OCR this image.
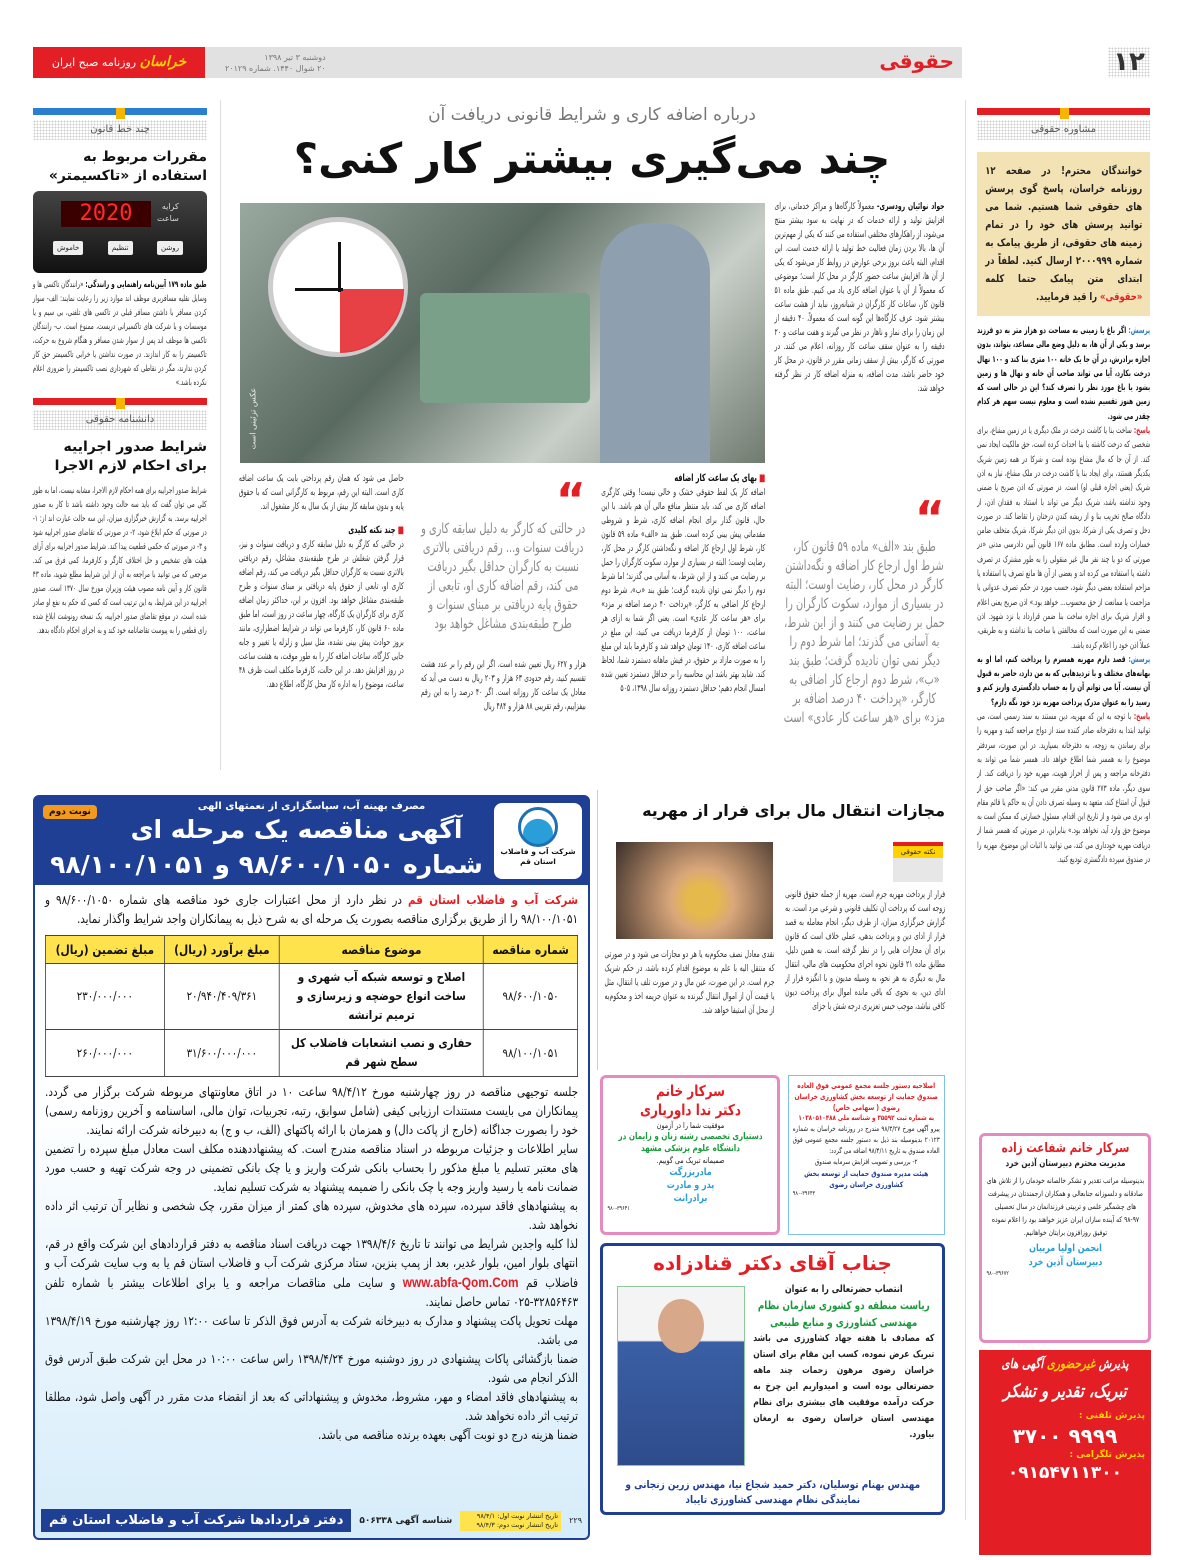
۱۲
حقوقی
دوشنبه ۳ تیر ۱۳۹۸
۲۰ شوال ۱۴۴۰. شماره ۲۰۱۲۹
خراسان روزنامه صبح ایران
چند خط قانون
مقررات مربوط به استفاده از «تاکسیمتر»
2020	کرایه
ساعت
روشن
تنظیم
خاموش
طبق ماده ۱۷۹ آیین‌نامه راهنمایی و رانندگی: «رانندگان تاکسی ها و وسایل نقلیه مسافربری موظف اند موارد زیر را رعایت نمایند: الف- سوار کردن مسافر با داشتن مسافر قبلی در تاکسی های تلفنی، بی سیم و یا موسسات و یا شرکت های تاکسیرانی دربست، ممنوع است. ب- رانندگان تاکسی ها موظف اند پس از سوار شدن مسافر و هنگام شروع به حرکت، تاکسیمتر را به کار اندازند. در صورت نداشتن یا خرابی تاکسیمتر حق کار کردن ندارند، مگر در نقاطی که شهرداری نصب تاکسیمتر را ضروری اعلام نکرده باشد.»
دانشنامه حقوقی
شرایط صدور اجراییه برای احکام لازم الاجرا
شرایط صدور اجراییه برای همه احکام لازم الاجرا، مشابه نیست، اما به طور کلی می توان گفت که باید سه حالت وجود داشته باشد تا کار به صدور اجراییه برسد. به گزارش خبرگزاری میزان، این سه حالت عبارت اند از: ۱- در صورتی که حکم ابلاغ شود، ۲- در صورتی که تقاضای صدور اجراییه شود و ۳- در صورتی که حکمی قطعیت پیدا کند. شرایط صدور اجراییه برای آرای هیئت های تشخیص و حل اختلاف کارگر و کارفرما، کمی فرق می کند. مرجعی که می توانید با مراجعه به آن از این شرایط مطلع شوید، ماده ۴۳ قانون کار و آیین نامه مصوب هیئت وزیران مورخ سال ۱۳۷۰ است. صدور اجراییه در این شرایط، به این ترتیب است که کسی که حکم به نفع او صادر شده است، در موقع تقاضای صدور اجراییه، یک نسخه رونوشت ابلاغ شده رای قطعی را به پیوست تقاضانامه خود کند و به اجرای احکام دادگاه بدهد.
درباره اضافه کاری و شرایط قانونی دریافت آن
چند می‌گیری بیشتر کار کنی؟
عکس تزئینی است
جواد نوائیان رودسری- معمولاً کارگاه‌ها و مراکز خدماتی، برای افزایش تولید و ارائه خدمات که در نهایت به سود بیشتر منتج می‌شود، از راهکارهای مختلفی استفاده می کنند که یکی از مهم‌ترین آن ها، بالا بردن زمان فعالیت خط تولید یا ارائه خدمت است. این اقدام، البته باعث بروز برخی عوارض در روابط کار می‌شود که یکی از آن ها، افزایش ساعت حضور کارگر در محل کار است؛ موضوعی که معمولاً از آن با عنوان اضافه کاری یاد می کنیم. طبق ماده ۵۱ قانون کار، ساعات کار کارگران در شبانه‌روز، نباید از هشت ساعت بیشتر شود. عرف کارگاه‌ها این گونه است که معمولاً، ۴۰ دقیقه از این زمان را برای نماز و ناهار در نظر می گیرند و هفت ساعت و ۲۰ دقیقه را به عنوان سقف ساعت کار روزانه، اعلام می کنند. در صورتی که کارگر، بیش از سقف زمانی مقرر در قانون، در محل کار خود حاضر باشد، مدت اضافه، به منزله اضافه کار در نظر گرفته خواهد شد.
“
طبق بند «الف» ماده ۵۹ قانون کار، شرط اول ارجاع کار اضافه و نگه‌داشتن کارگر در محل کار، رضایت اوست؛ البته در بسیاری از موارد، سکوت کارگران را حمل بر رضایت می کنند و از این شرط، به آسانی می گذرند؛ اما شرط دوم را دیگر نمی توان نادیده گرفت؛ طبق بند «ب»، شرط دوم ارجاع کار اضافی به کارگر، «پرداخت ۴۰ درصد اضافه بر مزد» برای «هر ساعت کار عادی» است
■ بهای یک ساعت کار اضافه
اضافه کار یک لفظ حقوقی خشک و خالی نیست! وقتی کارگری اضافه کاری می کند، باید منتظر منافع مالی آن هم باشد. با این حال، قانون گذار برای انجام اضافه کاری، شرط و شروطی مقدماتی پیش بینی کرده است. طبق بند «الف» ماده ۵۹ قانون کار، شرط اول ارجاع کار اضافه و نگه‌داشتن کارگر در محل کار، رضایت اوست؛ البته در بسیاری از موارد، سکوت کارگران را حمل بر رضایت می کنند و از این شرط، به آسانی می گذرند؛ اما شرط دوم را دیگر نمی توان نادیده گرفت؛ طبق بند «ب»، شرط دوم ارجاع کار اضافی به کارگر، «پرداخت ۴۰ درصد اضافه بر مزد» برای «هر ساعت کار عادی» است. یعنی اگر شما به ازای هر ساعت، ۱۰۰ تومان از کارفرما دریافت می کنید، این مبلغ در ساعت اضافه کاری، ۱۴۰ تومان خواهد شد و کارفرما باید این مبلغ را به صورت مازاد بر حقوق، در فیش ماهانه دستمزد شما، لحاظ کند. شاید بهتر باشد این محاسبه را بر حداقل دستمزد تعیین شده امسال انجام دهیم؛ حداقل دستمزد روزانه سال ۱۳۹۸، ۵۰۵
“
در حالتی که کارگر به دلیل سابقه کاری و دریافت سنوات و... رقم دریافتی بالاتری نسبت به کارگران حداقل بگیر دریافت می کند، رقم اضافه کاری او، تابعی از حقوق پایه دریافتی بر مبنای سنوات و طرح طبقه‌بندی مشاغل خواهد بود
هزار و ۶۲۷ ریال تعیین شده است. اگر این رقم را بر عدد هشت تقسیم کنید، رقم حدودی ۶۳ هزار و ۲۰۳ ریال به دست می آید که معادل یک ساعت کار روزانه است. اگر ۴۰ درصد را به این رقم بیفزاییم، رقم تقریبی ۸۸ هزار و ۴۸۴ ریال
حاصل می شود که همان رقم پرداختی بابت یک ساعت اضافه کاری است. البته این رقم، مربوط به کارگرانی است که با حقوق پایه و بدون سابقه کار بیش از یک سال به کار مشغول اند.
■ چند نکته کلیدی
در حالتی که کارگر به دلیل سابقه کاری و دریافت سنوات و نیز، قرار گرفتن شغلش در طرح طبقه‌بندی مشاغل، رقم دریافتی بالاتری نسبت به کارگران حداقل بگیر دریافت می کند، رقم اضافه کاری او، تابعی از حقوق پایه دریافتی بر مبنای سنوات و طرح طبقه‌بندی مشاغل خواهد بود. افزون بر این، حداکثر زمان اضافه کاری برای کارگران یک کارگاه، چهار ساعت در روز است، اما طبق ماده ۶۰ قانون کار، کارفرما می تواند در شرایط اضطراری، مانند بروز حوادث پیش بینی نشده، مثل سیل و زلزله یا تغییر و جابه جایی کارگاه، ساعات اضافه کار را به طور موقت، به هشت ساعت در روز افزایش دهد. در این حالت، کارفرما مکلف است ظرف ۴۸ ساعت، موضوع را به اداره کار محل کارگاه، اطلاع دهد.
مشاوره حقوقی
خوانندگان محترم! در صفحه ۱۲ روزنامه خراسان، پاسخ گوی پرسش های حقوقی شما هستیم. شما می توانید پرسش های خود را در تمام زمینه های حقوقی، از طریق پیامک به شماره ۲۰۰۰۹۹۹ ارسال کنید. لطفاً در ابتدای متن پیامک حتما کلمه «حقوقی» را قید فرمایید.
پرسش: اگر باغ یا زمینی به مساحت دو هزار متر به دو فرزند برسد و یکی از آن ها، به دلیل وضع مالی مساعد، بتواند، بدون اجازه برادرش، در آن جا یک خانه ۱۰۰ متری بنا کند و ۱۰۰ نهال درخت بکارد، آیا می تواند صاحب آن خانه و نهال ها و زمین بشود یا باغ مورد نظر را تصرف کند؟ این در حالی است که زمین هنوز تقسیم نشده است و معلوم نیست سهم هر کدام چقدر می شود.
پاسخ: ساخت بنا یا کاشت درخت در ملک دیگری یا در زمین مشاع، برای شخصی که درخت کاشته یا بنا احداث کرده است، حق مالکیت ایجاد نمی کند. از آن جا که مال مشاع بوده است و شرکا در همه زمین شریک یکدیگر هستند، برای ایجاد بنا یا کاشت درخت در ملک مشاع، نیاز به اذن شریک (یعنی اجازه قبلی او) است. در صورتی که اذن صریح یا ضمنی وجود نداشته باشد، شریک دیگر می تواند با استناد به فقدان اذن، از دادگاه صالح تخریب بنا و از ریشه کندن درختان را تقاضا کند. در صورت دخل و تصرف یکی از شرکا، بدون اذن دیگر شرکا، شریک متخلف ضامن خسارات وارده است. مطابق ماده ۱۶۷ قانون آیین دادرسی مدنی «در صورتی که دو یا چند نفر مال غیر منقولی را به طور مشترک در تصرف داشته یا استفاده می کرده اند و بعضی از آن ها مانع تصرف یا استفاده یا مزاحم استفاده بعضی دیگر شود، حسب مورد در حکم تصرف عدوانی یا مزاحمت یا ممانعت از حق محسوب... خواهد بود.» اذن صریح یعنی اعلام و اقرار شریک برای اجازه ساخت بنا ضمن قرارداد یا نزد شهود. اذن ضمنی به این صورت است که مخالفتی با ساخت بنا نداشته و به طریقی، عملاً اذن خود را اعلام کرده باشد.
پرسش: قصد دارم مهریه همسرم را پرداخت کنم، اما او به بهانه‌های مختلف و با تردیدهایی که به من دارد، حاضر به قبول آن نیست. آیا می توانم آن را به حساب دادگستری واریز کنم و رسید را به عنوان مدرک پرداخت مهریه نزد خود نگه دارم؟
پاسخ: با توجه به این که مهریه، دین مستند به سند رسمی است، می توانید ابتدا به دفترخانه صادر کننده سند از دواج مراجعه کنید و مهریه را برای رساندن به زوجه، به دفترخانه بسپارید. در این صورت، سردفتر موضوع را به همسر شما اطلاع خواهد داد. همسر شما می تواند به دفترخانه مراجعه و پس از احراز هویت، مهریه خود را دریافت کند. از سوی دیگر، ماده ۲۷۳ قانون مدنی مقرر می کند: «اگر صاحب حق از قبول آن امتناع کند، متعهد به وسیله تصرف دادن آن به حاکم یا قائم مقام او، بری می شود و از تاریخ این اقدام، مسئول خسارتی که ممکن است به موضوع حق وارد آید، نخواهد بود.» بنابراین، در صورتی که همسر شما از دریافت مهریه خودداری می کند، می توانید با اثبات این موضوع، مهریه را در صندوق سپرده دادگستری تودیع کنید.
شرکت آب و فاضلاب استان قم
نوبت دوم	مصرف بهینه آب، سپاسگزاری از نعمتهای الهی
آگهی مناقصه یک مرحله ای
شماره ۹۸/۶۰۰/۱۰۵۰ و ۹۸/۱۰۰/۱۰۵۱
شرکت آب و فاضلاب استان قم در نظر دارد از محل اعتبارات جاری خود مناقصه های شماره ۹۸/۶۰۰/۱۰۵۰ و ۹۸/۱۰۰/۱۰۵۱ را از طریق برگزاری مناقصه بصورت یک مرحله ای به شرح ذیل به پیمانکاران واجد شرایط واگذار نماید.
شماره مناقصه	موضوع مناقصه	مبلغ برآورد (ریال)	مبلغ تضمین (ریال)
۹۸/۶۰۰/۱۰۵۰	اصلاح و توسعه شبکه آب شهری و ساخت انواع حوضچه و زیرسازی و ترمیم ترانشه	۲۰/۹۴۰/۴۰۹/۳۶۱	۲۳۰/۰۰۰/۰۰۰
۹۸/۱۰۰/۱۰۵۱	حفاری و نصب انشعابات فاضلاب کل سطح شهر قم	۳۱/۶۰۰/۰۰۰/۰۰۰	۲۶۰/۰۰۰/۰۰۰
جلسه توجیهی مناقصه در روز چهارشنبه مورخ ۹۸/۴/۱۲ ساعت ۱۰ در اتاق معاونتهای مربوطه شرکت برگزار می گردد. پیمانکاران می بایست مستندات ارزیابی کیفی (شامل سوابق، رتبه، تجربیات، توان مالی، اساسنامه و آخرین روزنامه رسمی) خود را بصورت جداگانه (خارج از پاکت دال) و همزمان با ارائه پاکتهای (الف، ب و ج) به دبیرخانه شرکت ارائه نمایند.
سایر اطلاعات و جزئیات مربوطه در اسناد مناقصه مندرج است. که پیشنهاددهنده مکلف است معادل مبلغ سپرده را تضمین های معتبر تسلیم یا مبلغ مذکور را بحساب بانکی شرکت واریز و یا چک بانکی تضمینی در وجه شرکت تهیه و حسب مورد ضمانت نامه یا رسید واریز وجه یا چک بانکی را ضمیمه پیشنهاد به شرکت تسلیم نماید.
به پیشنهادهای فاقد سپرده، سپرده های مخدوش، سپرده های کمتر از میزان مقرر، چک شخصی و نظایر آن ترتیب اثر داده نخواهد شد.
لذا کلیه واجدین شرایط می توانند تا تاریخ ۱۳۹۸/۴/۶ جهت دریافت اسناد مناقصه به دفتر قراردادهای این شرکت واقع در قم، انتهای بلوار امین، بلوار غدیر، بعد از پمپ بنزین، ستاد مرکزی شرکت آب و فاضلاب استان قم یا به وب سایت شرکت آب و فاضلاب قم www.abfa-Qom.Com و سایت ملی مناقصات مراجعه و یا برای اطلاعات بیشتر با شماره تلفن ۳۲۸۵۶۴۶۳-۰۲۵ تماس حاصل نمایند.
مهلت تحویل پاکت پیشنهاد و مدارک به دبیرخانه شرکت به آدرس فوق الذکر تا ساعت ۱۲:۰۰ روز چهارشنبه مورخ ۱۳۹۸/۴/۱۹ می باشد.
ضمنا بازگشائی پاکات پیشنهادی در روز دوشنبه مورخ ۱۳۹۸/۴/۲۴ راس ساعت ۱۰:۰۰ در محل این شرکت طبق آدرس فوق الذکر انجام می شود.
به پیشنهادهای فاقد امضاء و مهر، مشروط، مخدوش و پیشنهاداتی که بعد از انقضاء مدت مقرر در آگهی واصل شود، مطلقا ترتیب اثر داده نخواهد شد.
ضمنا هزینه درج دو نوبت آگهی بعهده برنده مناقصه می باشد.
۲۲۹
تاریخ انتشار نوبت اول: ۹۸/۴/۱ تاریخ انتشار نوبت دوم: ۹۸/۴/۳
شناسه آگهی ۵۰۶۳۳۸
دفتر قراردادها شرکت آب و فاضلاب استان قم
مجازات انتقال مال برای فرار از مهریه
نکته حقوقی
فرار از پرداخت مهریه جرم است. مهریه از جمله حقوق قانونی زوجه است که پرداخت آن تکلیف قانونی و شرعی مرد است. به گزارش خبرگزاری میزان، از طرف دیگر، انجام معامله به قصد فرار از ادای دین و پرداخت بدهی، عملی خلاف است که قانون برای آن مجازات هایی را در نظر گرفته است. به همین دلیل، مطابق ماده ۲۱ قانون نحوه اجرای محکومیت های مالی، انتقال مال به دیگری به هر نحو، به وسیله مدیون و با انگیزه فرار از ادای دین، به نحوی که باقی مانده اموال برای پرداخت دیون کافی نباشد، موجب حبس تعزیری درجه شش یا جزای
نقدی معادل نصف محکوم‌به یا هر دو مجازات می شود و در صورتی که منتقل الیه با علم به موضوع اقدام کرده باشد، در حکم شریک جرم است. در این صورت، عین مال و در صورت تلف یا انتقال، مثل یا قیمت آن از اموال انتقال گیرنده به عنوان جریمه اخذ و محکوم‌به از محل آن استیفا خواهد شد.
سرکار خانم
دکتر ندا داوریاری
موفقیت شما را در آزمون
دستیاری تخصصی رشته زنان و زایمان در دانشگاه علوم پزشکی مشهد
صمیمانه تبریک می گوییم.
مادربزرگت
پدر و مادرت
برادرانت
۹۸۰-۳۹۶۴۱
اصلاحیه دستور جلسه مجمع عمومی فوق العاده صندوق حمایت از توسعه بخش کشاورزی خراسان رضوی ( سهامی خاص)
به شماره ثبت ۳۵۵۹۲ و شناسه ملی ۱۰۳۸۰۵۱۰۴۸۸
پیرو آگهی مورخ ۹۸/۳/۲۷ مندرج در روزنامه خراسان به شماره ۲۰۱۲۳ بدینوسیله بند ذیل به دستور جلسه مجمع عمومی فوق العاده صندوق به تاریخ ۹۸/۴/۱۱ اضافه می گردد:
۲- بررسی و تصویب افزایش سرمایه صندوق
هیئت مدیره صندوق حمایت از توسعه بخش کشاورزی خراسان رضوی
۹۸۰-۳۹۶۴۳
جناب آقای دکتر قنادزاده
انتصاب حضرتعالی را به عنوان
ریاست منطقه دو کشوری سازمان نظام مهندسی کشاورزی و منابع طبیعی
که مصادف با هفته جهاد کشاورزی می باشد تبریک عرض نموده، کسب این مقام برای استان خراسان رضوی مرهون زحمات چند ماهه حضرتعالی بوده است و امیدواریم این چرخ به حرکت درآمده موفقیت های بیشتری برای نظام مهندسی استان خراسان رضوی به ارمغان بیاورد.
مهندس بهنام توسلیان، دکتر حمید شجاع نیا، مهندس زرین زنجانی و نمایندگی نظام مهندسی کشاورزی تایباد
سرکار خانم شفاعت زاده
مدیریت محترم دبیرستان آذین خرد
بدینوسیله مراتب تقدیر و تشکر خالصانه خودمان را از تلاش های صادقانه و دلسوزانه جنابعالی و همکاران ارجمندتان در پیشرفت های چشمگیر علمی و تربیتی فرزندانمان در سال تحصیلی ۹۷-۹۸ که آینده سازان ایران عزیز خواهند بود را اعلام نموده توفیق روزافزون برایتان خواهانیم.
انجمن اولیا مربیان
دبیرستان آذین خرد
۹۸۰-۳۹۶۷۲
پذیرش غیرحضوری آگهی های
تبریک، تقدیر و تشکر
پذیرش تلفنی :
۳۷۰۰ ۹۹۹۹
پذیرش تلگرامی :
۰۹۱۵۴۷۱۱۳۰۰
